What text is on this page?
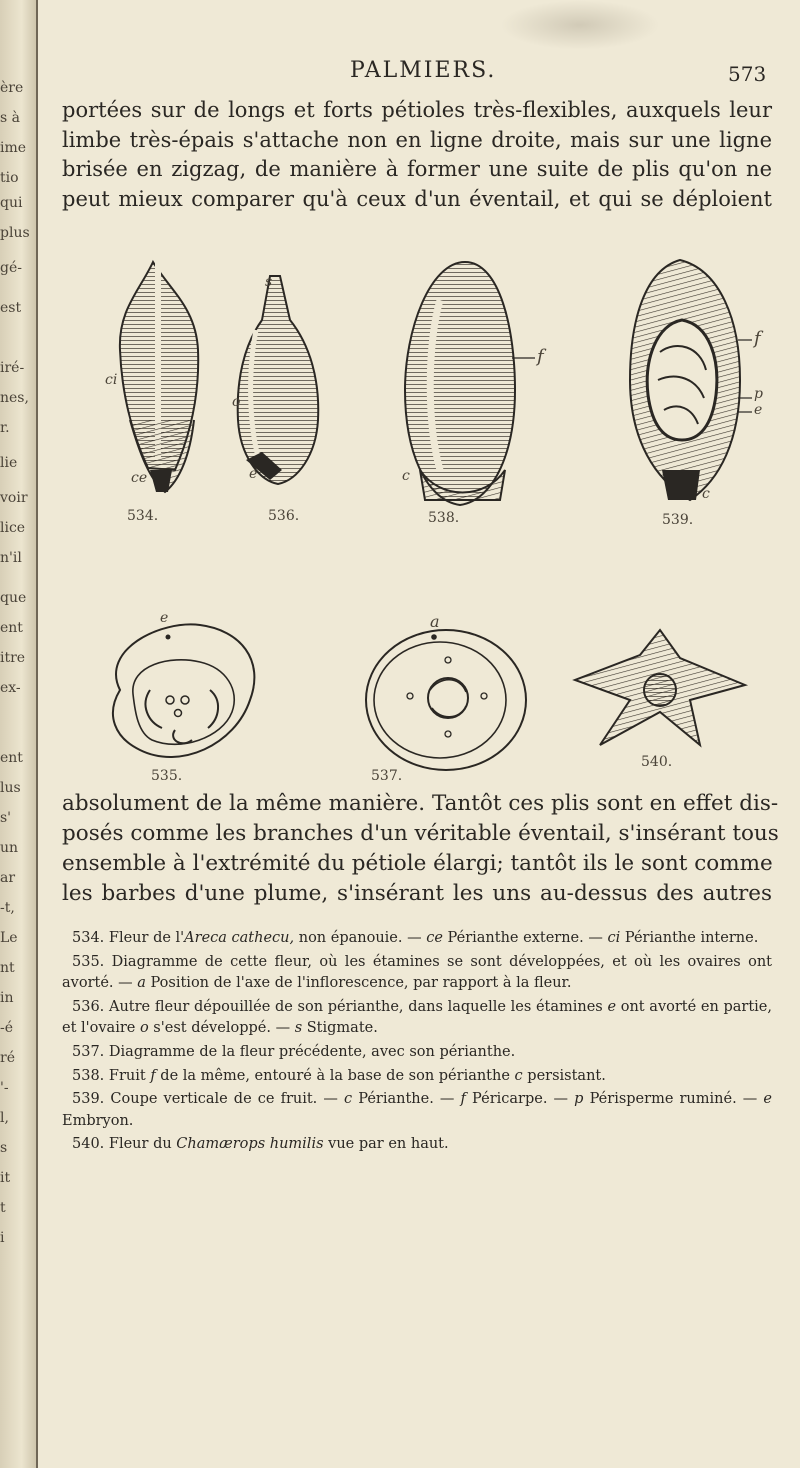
ère
s à
ime
tio
qui
plus
gé-
est
iré-
nes,
r.
lie
voir
lice
n'il
que
ent
itre
ex-
ent
lus
s'
un
ar
-t,
Le
nt
in
-é
ré
'-
l,
s
it
t
i
PALMIERS.	573

portées sur de longs et forts pétioles très-flexibles, auxquels leur
limbe très-épais s'attache non en ligne droite, mais sur une ligne
brisée en zigzag, de manière à former une suite de plis qu'on ne
peut mieux comparer qu'à ceux d'un éventail, et qui se déploient

534.	536.	538.	539.
535.	537.
540.
ci
ce
s
o
e
f
c
f
p
e
c
a
e

absolument de la même manière. Tantôt ces plis sont en effet dis-
posés comme les branches d'un véritable éventail, s'insérant tous
ensemble à l'extrémité du pétiole élargi; tantôt ils le sont comme
les barbes d'une plume, s'insérant les uns au-dessus des autres

534. Fleur de l'Areca cathecu, non épanouie. — ce Périanthe externe. — ci Périanthe interne.

535. Diagramme de cette fleur, où les étamines se sont développées, et où les ovaires ont avorté. — a Position de l'axe de l'inflorescence, par rapport à la fleur.

536. Autre fleur dépouillée de son périanthe, dans laquelle les étamines e ont avorté en partie, et l'ovaire o s'est développé. — s Stigmate.

537. Diagramme de la fleur précédente, avec son périanthe.

538. Fruit f de la même, entouré à la base de son périanthe c persistant.

539. Coupe verticale de ce fruit. — c Périanthe. — f Péricarpe. — p Périsperme ruminé. — e Embryon.

540. Fleur du Chamærops humilis vue par en haut.
